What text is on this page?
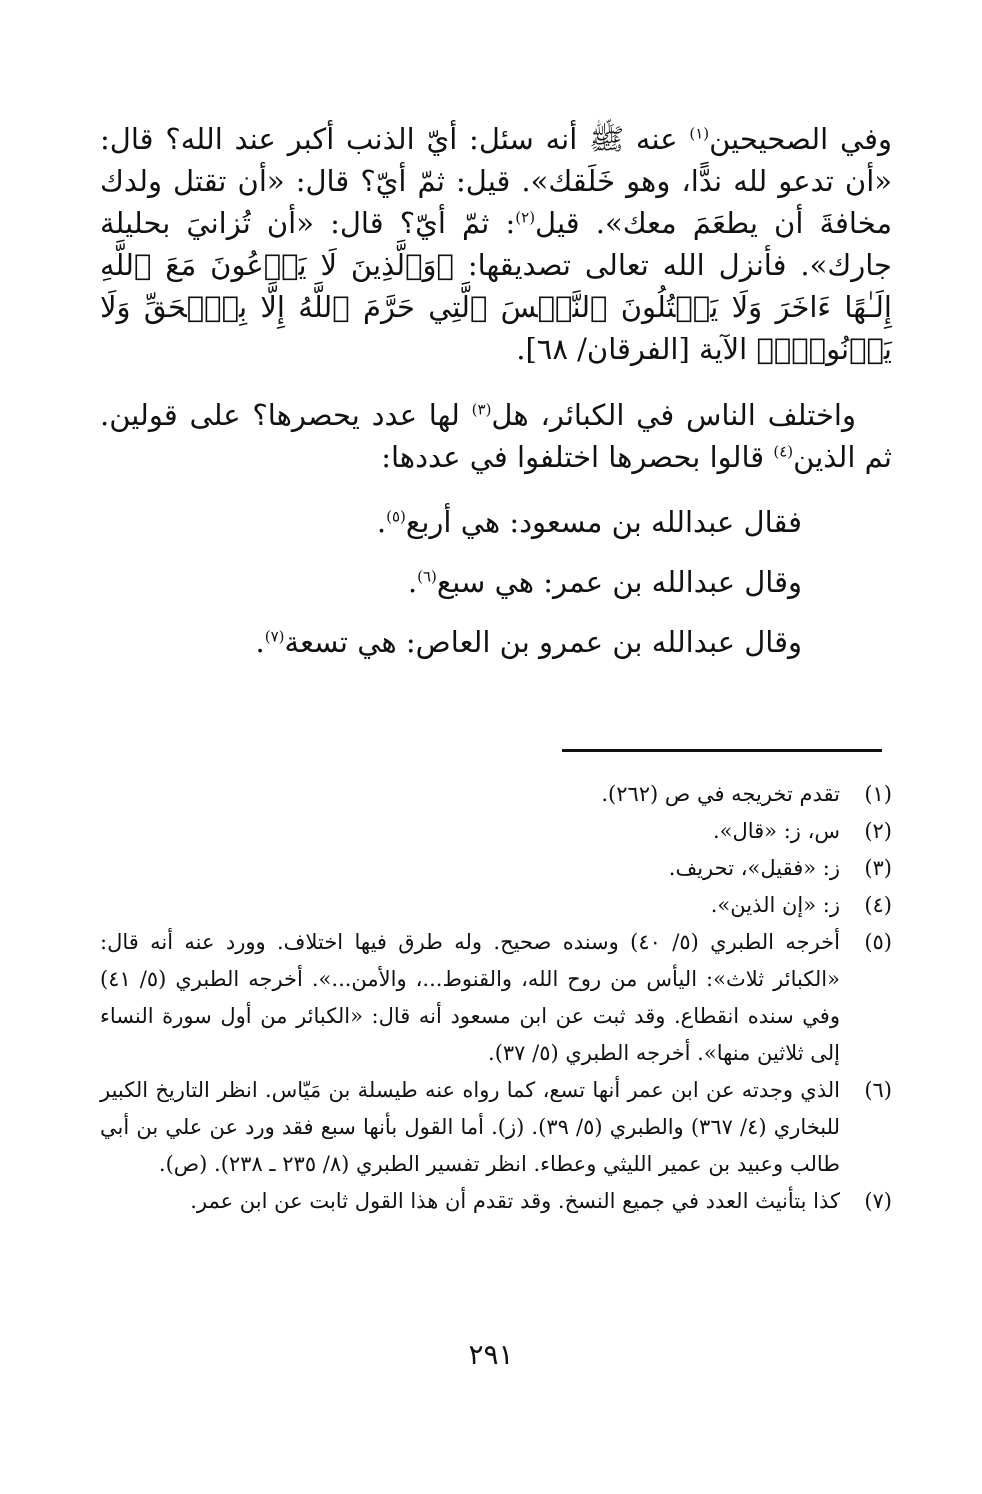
وفي الصحيحين$^{(١)}$ عنه ﷺ أنه سئل: أيّ الذنب أكبر عند الله؟ قال: «أن تدعو لله ندًّا، وهو خَلَقك». قيل: ثمّ أيّ؟ قال: «أن تقتل ولدك مخافةَ أن يطعَمَ معك». قيل$^{(٢)}$: ثمّ أيّ؟ قال: «أن تُزانيَ بحليلة جارك». فأنزل الله تعالى تصديقها: ﴿وَٱلَّذِينَ لَا يَدۡعُونَ مَعَ ٱللَّهِ إِلَـٰهًا ءَاخَرَ وَلَا يَقۡتُلُونَ ٱلنَّفۡسَ ٱلَّتِي حَرَّمَ ٱللَّهُ إِلَّا بِٱلۡحَقِّ وَلَا يَزۡنُونَۚ﴾ الآية [الفرقان/ ٦٨].

واختلف الناس في الكبائر، هل$^{(٣)}$ لها عدد يحصرها؟ على قولين. ثم الذين$^{(٤)}$ قالوا بحصرها اختلفوا في عددها:

فقال عبدالله بن مسعود: هي أربع$^{(٥)}$.

وقال عبدالله بن عمر: هي سبع$^{(٦)}$.

وقال عبدالله بن عمرو بن العاص: هي تسعة$^{(٧)}$.

(١)
تقدم تخريجه في ص (٢٦٢).
(٢)
س، ز: «قال».
(٣)
ز: «فقيل»، تحريف.
(٤)
ز: «إن الذين».
(٥)
أخرجه الطبري (٥/ ٤٠) وسنده صحيح. وله طرق فيها اختلاف. وورد عنه أنه قال: «الكبائر ثلاث»: اليأس من روح الله، والقنوط...، والأمن...». أخرجه الطبري (٥/ ٤١) وفي سنده انقطاع. وقد ثبت عن ابن مسعود أنه قال: «الكبائر من أول سورة النساء إلى ثلاثين منها». أخرجه الطبري (٥/ ٣٧).
(٦)
الذي وجدته عن ابن عمر أنها تسع، كما رواه عنه طيسلة بن مَيّاس. انظر التاريخ الكبير للبخاري (٤/ ٣٦٧) والطبري (٥/ ٣٩). (ز). أما القول بأنها سبع فقد ورد عن علي بن أبي طالب وعبيد بن عمير الليثي وعطاء. انظر تفسير الطبري (٨/ ٢٣٥ ـ ٢٣٨). (ص).
(٧)
كذا بتأنيث العدد في جميع النسخ. وقد تقدم أن هذا القول ثابت عن ابن عمر.
٢٩١
